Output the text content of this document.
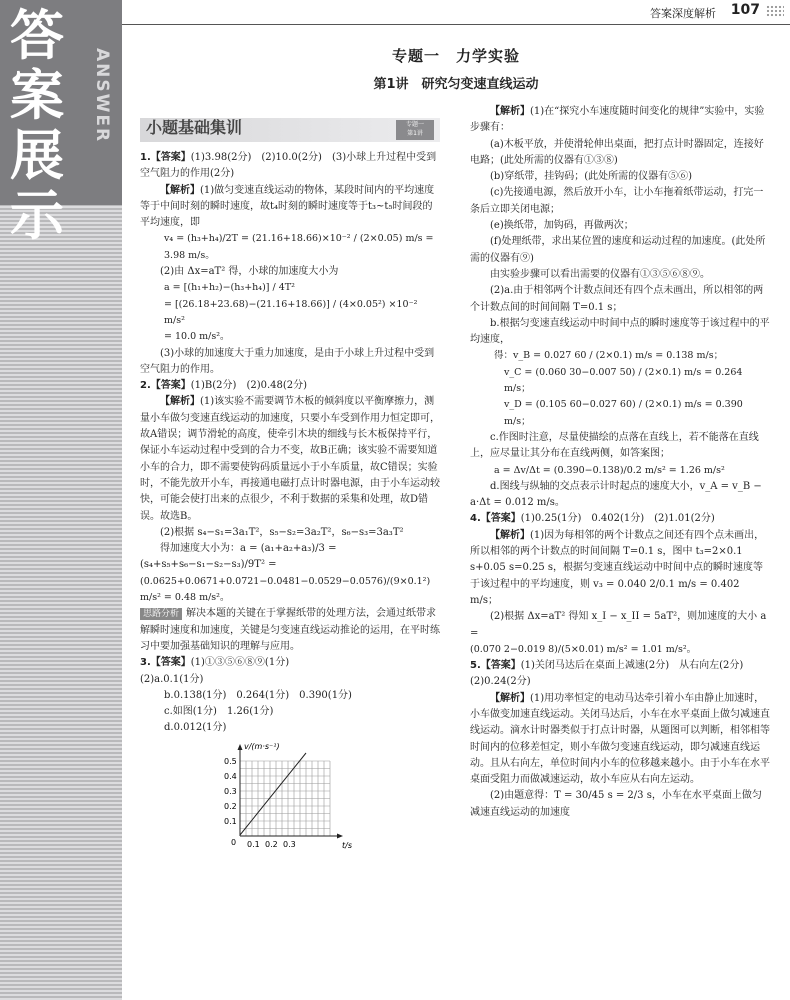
答案展示
ANSWER
答案深度解析 107
专题一　力学实验
第1讲　研究匀变速直线运动
小题基础集训	专题一
第1讲

1.【答案】(1)3.98(2分)　(2)10.0(2分)　(3)小球上升过程中受到空气阻力的作用(2分)

【解析】(1)做匀变速直线运动的物体，某段时间内的平均速度等于中间时刻的瞬时速度，故t₄时刻的瞬时速度等于t₃~t₅时间段的平均速度，即

v₄ = (h₃+h₄)/2T = (21.16+18.66)×10⁻² / (2×0.05) m/s = 3.98 m/s。

(2)由 Δx=aT² 得，小球的加速度大小为

a = [(h₁+h₂)−(h₃+h₄)] / 4T²

= [(26.18+23.68)−(21.16+18.66)] / (4×0.05²) ×10⁻² m/s²

= 10.0 m/s²。

(3)小球的加速度大于重力加速度，是由于小球上升过程中受到空气阻力的作用。

2.【答案】(1)B(2分)　(2)0.48(2分)

【解析】(1)该实验不需要调节木板的倾斜度以平衡摩擦力，测量小车做匀变速直线运动的加速度，只要小车受到作用力恒定即可，故A错误；调节滑轮的高度，使牵引木块的细线与长木板保持平行，保证小车运动过程中受到的合力不变，故B正确；该实验不需要知道小车的合力，即不需要使钩码质量远小于小车质量，故C错误；实验时，不能先放开小车，再接通电磁打点计时器电源，由于小车运动较快，可能会使打出来的点很少，不利于数据的采集和处理，故D错误。故选B。

(2)根据 s₄−s₁=3a₁T²，s₅−s₂=3a₂T²，s₆−s₃=3a₃T²

得加速度大小为：a = (a₁+a₂+a₃)/3 = (s₄+s₅+s₆−s₁−s₂−s₃)/9T² =

(0.0625+0.0671+0.0721−0.0481−0.0529−0.0576)/(9×0.1²) m/s² = 0.48 m/s²。

思路分析 解决本题的关键在于掌握纸带的处理方法，会通过纸带求解瞬时速度和加速度，关键是匀变速直线运动推论的运用，在平时练习中要加强基础知识的理解与应用。

3.【答案】(1)①③⑤⑥⑧⑨(1分)

(2)a.0.1(1分)

b.0.138(1分)　0.264(1分)　0.390(1分)

c.如图(1分)　1.26(1分)

d.0.012(1分)

v/(m·s⁻¹)
t/s
0
0.5
0.4
0.3
0.2
0.1
0.1 0.2 0.3

【解析】(1)在“探究小车速度随时间变化的规律”实验中，实验步骤有：

(a)木板平放，并使滑轮伸出桌面，把打点计时器固定，连接好电路；(此处所需的仪器有①③⑧)

(b)穿纸带，挂钩码；(此处所需的仪器有⑤⑥)

(c)先接通电源，然后放开小车，让小车拖着纸带运动，打完一条后立即关闭电源；

(e)换纸带，加钩码，再做两次；

(f)处理纸带，求出某位置的速度和运动过程的加速度。(此处所需的仪器有⑨)

由实验步骤可以看出需要的仪器有①③⑤⑥⑧⑨。

(2)a.由于相邻两个计数点间还有四个点未画出，所以相邻的两个计数点间的时间间隔 T=0.1 s；

b.根据匀变速直线运动中时间中点的瞬时速度等于该过程中的平均速度，

得：v_B = 0.027 60 / (2×0.1) m/s = 0.138 m/s；

v_C = (0.060 30−0.007 50) / (2×0.1) m/s = 0.264 m/s；

v_D = (0.105 60−0.027 60) / (2×0.1) m/s = 0.390 m/s；

c.作图时注意，尽量使描绘的点落在直线上，若不能落在直线上，应尽量让其分布在直线两侧，如答案图；

a = Δv/Δt = (0.390−0.138)/0.2 m/s² = 1.26 m/s²

d.图线与纵轴的交点表示计时起点的速度大小，v_A = v_B − a·Δt = 0.012 m/s。

4.【答案】(1)0.25(1分)　0.402(1分)　(2)1.01(2分)

【解析】(1)因为每相邻的两个计数点之间还有四个点未画出，所以相邻的两个计数点的时间间隔 T=0.1 s，图中 t₃=2×0.1 s+0.05 s=0.25 s，根据匀变速直线运动中时间中点的瞬时速度等于该过程中的平均速度，则 v₃ = 0.040 2/0.1 m/s = 0.402 m/s；

(2)根据 Δx=aT² 得知 x_I − x_II = 5aT²，则加速度的大小 a =

(0.070 2−0.019 8)/(5×0.01) m/s² = 1.01 m/s²。

5.【答案】(1)关闭马达后在桌面上减速(2分)　从右向左(2分)

(2)0.24(2分)

【解析】(1)用功率恒定的电动马达牵引着小车由静止加速时，小车做变加速直线运动。关闭马达后，小车在水平桌面上做匀减速直线运动。滴水计时器类似于打点计时器，从题图可以判断，相邻相等时间内的位移差恒定，则小车做匀变速直线运动，即匀减速直线运动。且从右向左，单位时间内小车的位移越来越小。由于小车在水平桌面受阻力而做减速运动，故小车应从右向左运动。

(2)由题意得：T = 30/45 s = 2/3 s，小车在水平桌面上做匀减速直线运动的加速度
